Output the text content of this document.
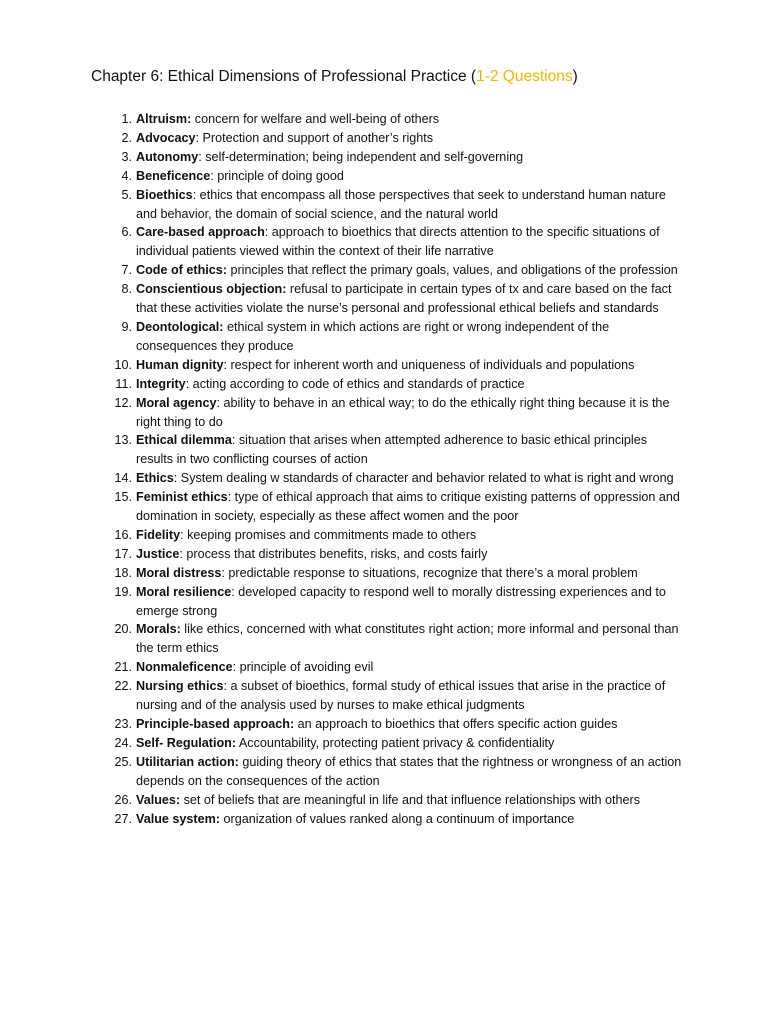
Chapter 6: Ethical Dimensions of Professional Practice (1-2 Questions)
1. Altruism: concern for welfare and well-being of others
2. Advocacy: Protection and support of another’s rights
3. Autonomy: self-determination; being independent and self-governing
4. Beneficence: principle of doing good
5. Bioethics: ethics that encompass all those perspectives that seek to understand human nature and behavior, the domain of social science, and the natural world
6. Care-based approach: approach to bioethics that directs attention to the specific situations of individual patients viewed within the context of their life narrative
7. Code of ethics: principles that reflect the primary goals, values, and obligations of the profession
8. Conscientious objection: refusal to participate in certain types of tx and care based on the fact that these activities violate the nurse’s personal and professional ethical beliefs and standards
9. Deontological: ethical system in which actions are right or wrong independent of the consequences they produce
10. Human dignity: respect for inherent worth and uniqueness of individuals and populations
11. Integrity: acting according to code of ethics and standards of practice
12. Moral agency: ability to behave in an ethical way; to do the ethically right thing because it is the right thing to do
13. Ethical dilemma: situation that arises when attempted adherence to basic ethical principles results in two conflicting courses of action
14. Ethics: System dealing w standards of character and behavior related to what is right and wrong
15. Feminist ethics: type of ethical approach that aims to critique existing patterns of oppression and domination in society, especially as these affect women and the poor
16. Fidelity: keeping promises and commitments made to others
17. Justice: process that distributes benefits, risks, and costs fairly
18. Moral distress: predictable response to situations, recognize that there’s a moral problem
19. Moral resilience: developed capacity to respond well to morally distressing experiences and to emerge strong
20. Morals: like ethics, concerned with what constitutes right action; more informal and personal than the term ethics
21. Nonmaleficence: principle of avoiding evil
22. Nursing ethics: a subset of bioethics, formal study of ethical issues that arise in the practice of nursing and of the analysis used by nurses to make ethical judgments
23. Principle-based approach: an approach to bioethics that offers specific action guides
24. Self- Regulation: Accountability, protecting patient privacy & confidentiality
25. Utilitarian action: guiding theory of ethics that states that the rightness or wrongness of an action depends on the consequences of the action
26. Values: set of beliefs that are meaningful in life and that influence relationships with others
27. Value system: organization of values ranked along a continuum of importance
